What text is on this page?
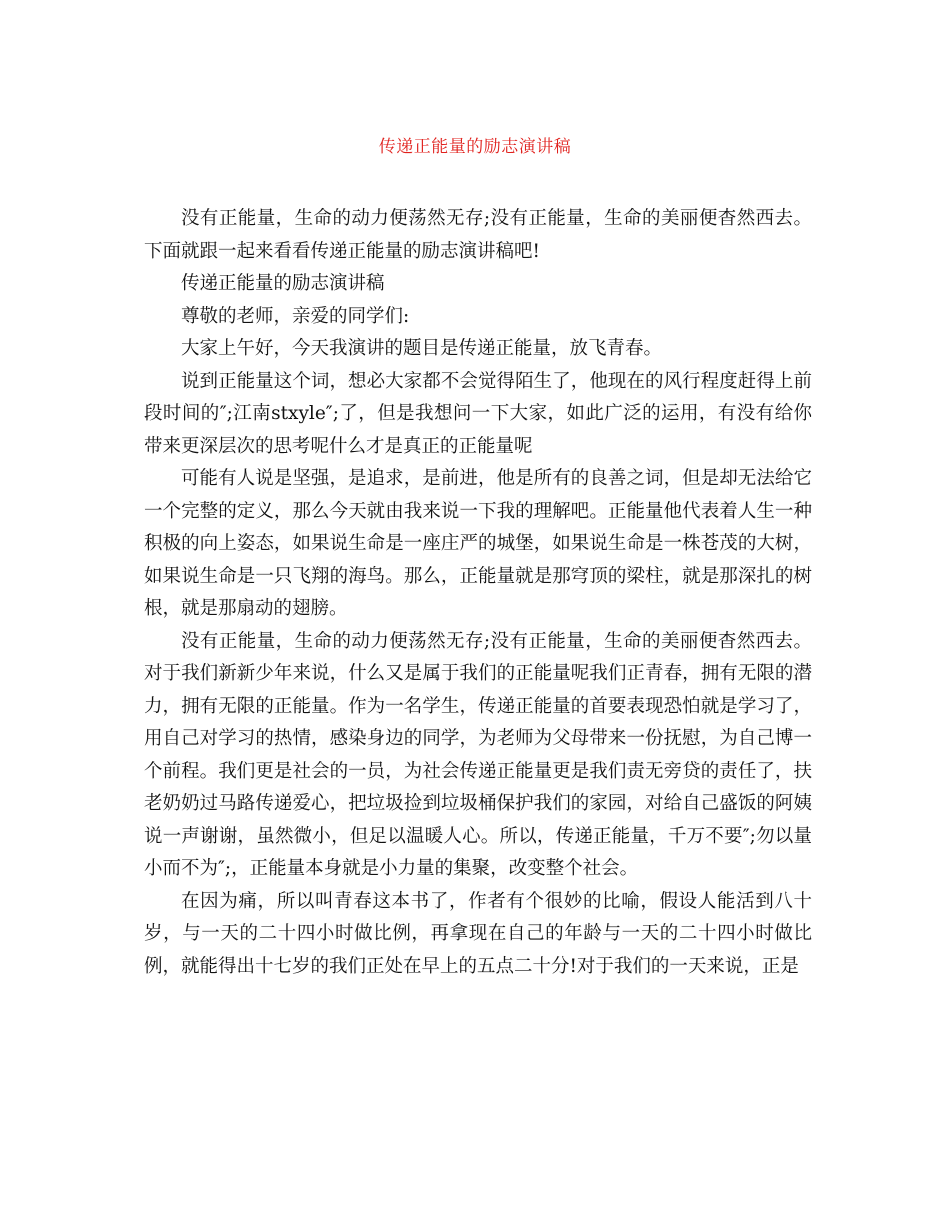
传递正能量的励志演讲稿

没有正能量，生命的动力便荡然无存;没有正能量，生命的美丽便杳然西去。下面就跟一起来看看传递正能量的励志演讲稿吧!

传递正能量的励志演讲稿

尊敬的老师，亲爱的同学们:

大家上午好，今天我演讲的题目是传递正能量，放飞青春。

说到正能量这个词，想必大家都不会觉得陌生了，他现在的风行程度赶得上前段时间的″;江南stxyle″;了，但是我想问一下大家，如此广泛的运用，有没有给你带来更深层次的思考呢什么才是真正的正能量呢

可能有人说是坚强，是追求，是前进，他是所有的良善之词，但是却无法给它一个完整的定义，那么今天就由我来说一下我的理解吧。正能量他代表着人生一种积极的向上姿态，如果说生命是一座庄严的城堡，如果说生命是一株苍茂的大树，如果说生命是一只飞翔的海鸟。那么，正能量就是那穹顶的梁柱，就是那深扎的树根，就是那扇动的翅膀。

没有正能量，生命的动力便荡然无存;没有正能量，生命的美丽便杳然西去。对于我们新新少年来说，什么又是属于我们的正能量呢我们正青春，拥有无限的潜力，拥有无限的正能量。作为一名学生，传递正能量的首要表现恐怕就是学习了，用自己对学习的热情，感染身边的同学，为老师为父母带来一份抚慰，为自己博一个前程。我们更是社会的一员，为社会传递正能量更是我们责无旁贷的责任了，扶老奶奶过马路传递爱心，把垃圾捡到垃圾桶保护我们的家园，对给自己盛饭的阿姨说一声谢谢，虽然微小，但足以温暖人心。所以，传递正能量，千万不要″;勿以量小而不为″;，正能量本身就是小力量的集聚，改变整个社会。

在因为痛，所以叫青春这本书了，作者有个很妙的比喻，假设人能活到八十岁，与一天的二十四小时做比例，再拿现在自己的年龄与一天的二十四小时做比例，就能得出十七岁的我们正处在早上的五点二十分!对于我们的一天来说，正是
